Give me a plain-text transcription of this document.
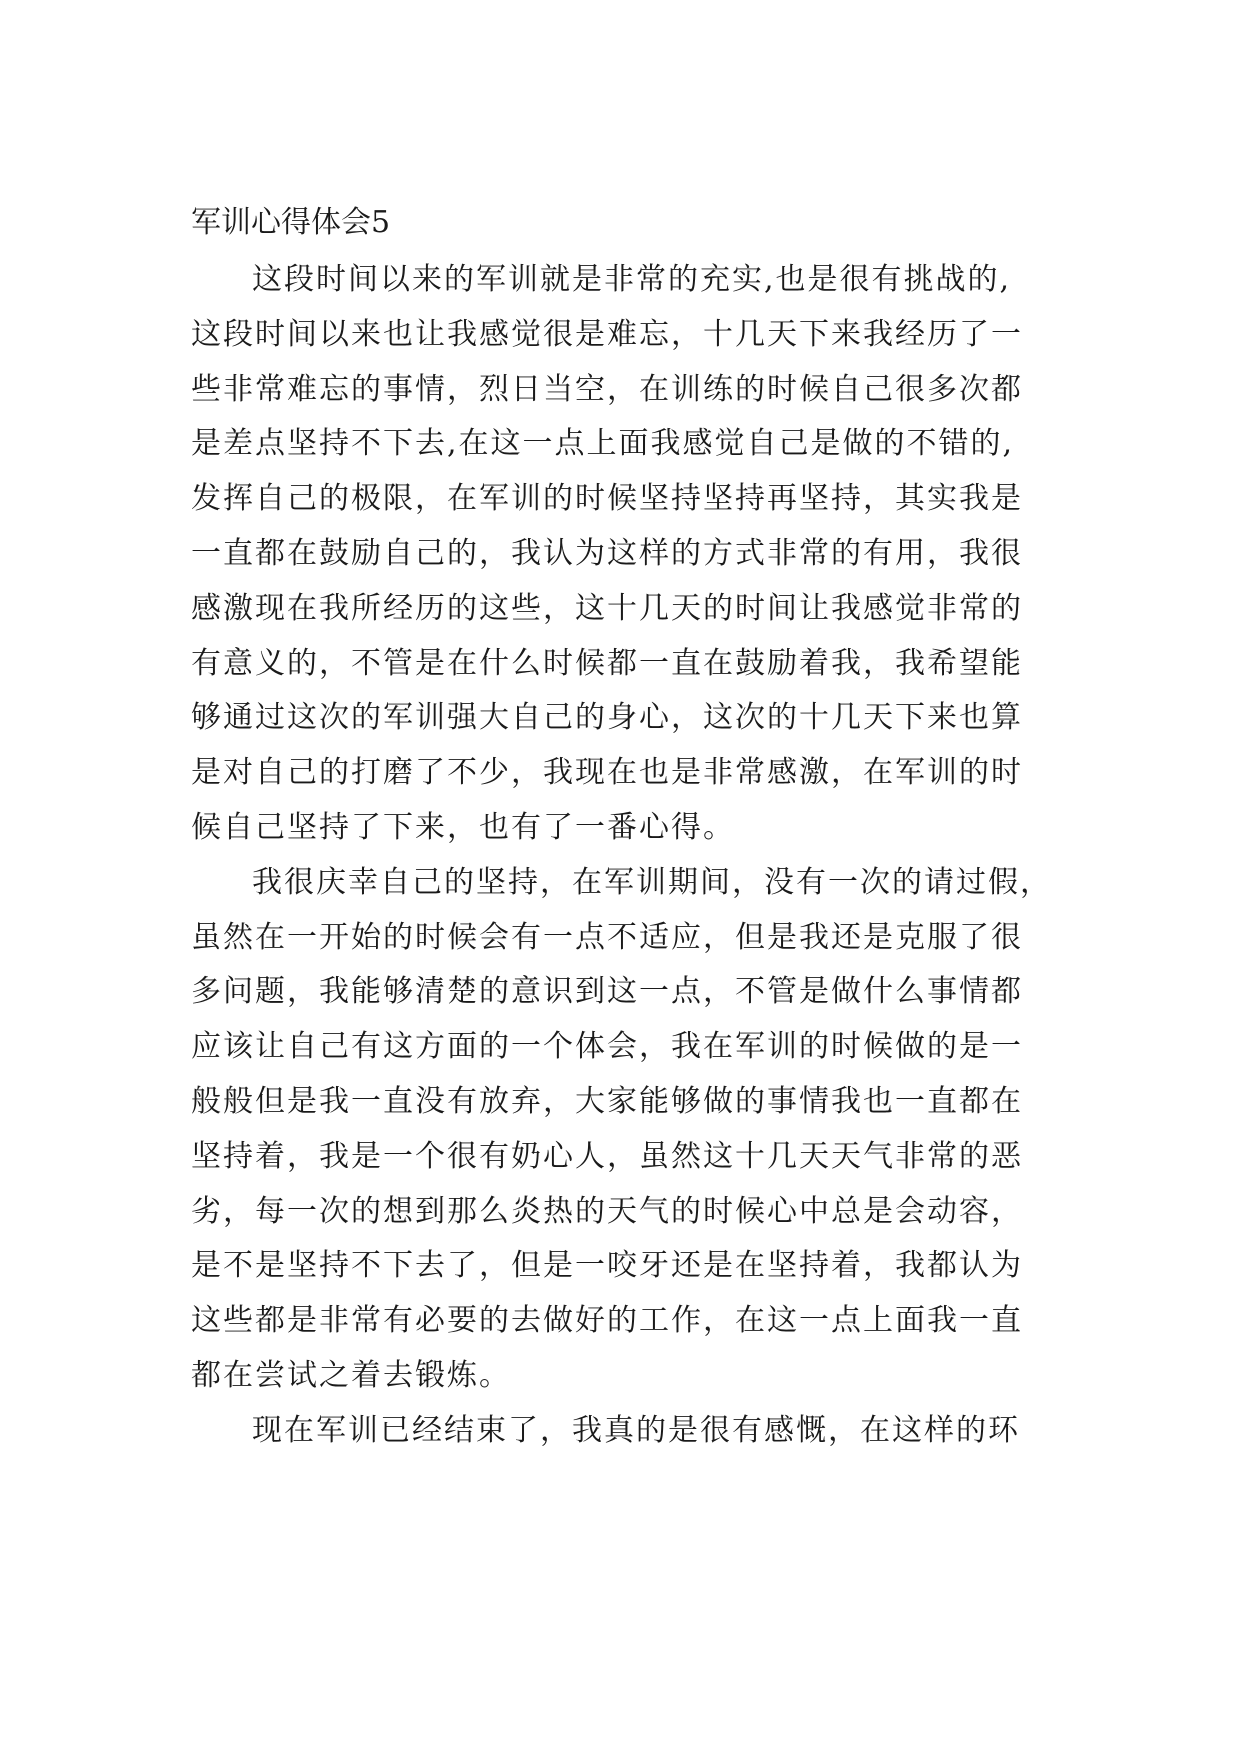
军训心得体会5

这段时间以来的军训就是非常的充实,也是很有挑战的,

这段时间以来也让我感觉很是难忘，十几天下来我经历了一

些非常难忘的事情，烈日当空，在训练的时候自己很多次都

是差点坚持不下去,在这一点上面我感觉自己是做的不错的,

发挥自己的极限，在军训的时候坚持坚持再坚持，其实我是

一直都在鼓励自己的，我认为这样的方式非常的有用，我很

感激现在我所经历的这些，这十几天的时间让我感觉非常的

有意义的，不管是在什么时候都一直在鼓励着我，我希望能

够通过这次的军训强大自己的身心，这次的十几天下来也算

是对自己的打磨了不少，我现在也是非常感激，在军训的时

候自己坚持了下来，也有了一番心得。

我很庆幸自己的坚持，在军训期间，没有一次的请过假，

虽然在一开始的时候会有一点不适应，但是我还是克服了很

多问题，我能够清楚的意识到这一点，不管是做什么事情都

应该让自己有这方面的一个体会，我在军训的时候做的是一

般般但是我一直没有放弃，大家能够做的事情我也一直都在

坚持着，我是一个很有奶心人，虽然这十几天天气非常的恶

劣，每一次的想到那么炎热的天气的时候心中总是会动容，

是不是坚持不下去了，但是一咬牙还是在坚持着，我都认为

这些都是非常有必要的去做好的工作，在这一点上面我一直

都在尝试之着去锻炼。

现在军训已经结束了，我真的是很有感慨，在这样的环
